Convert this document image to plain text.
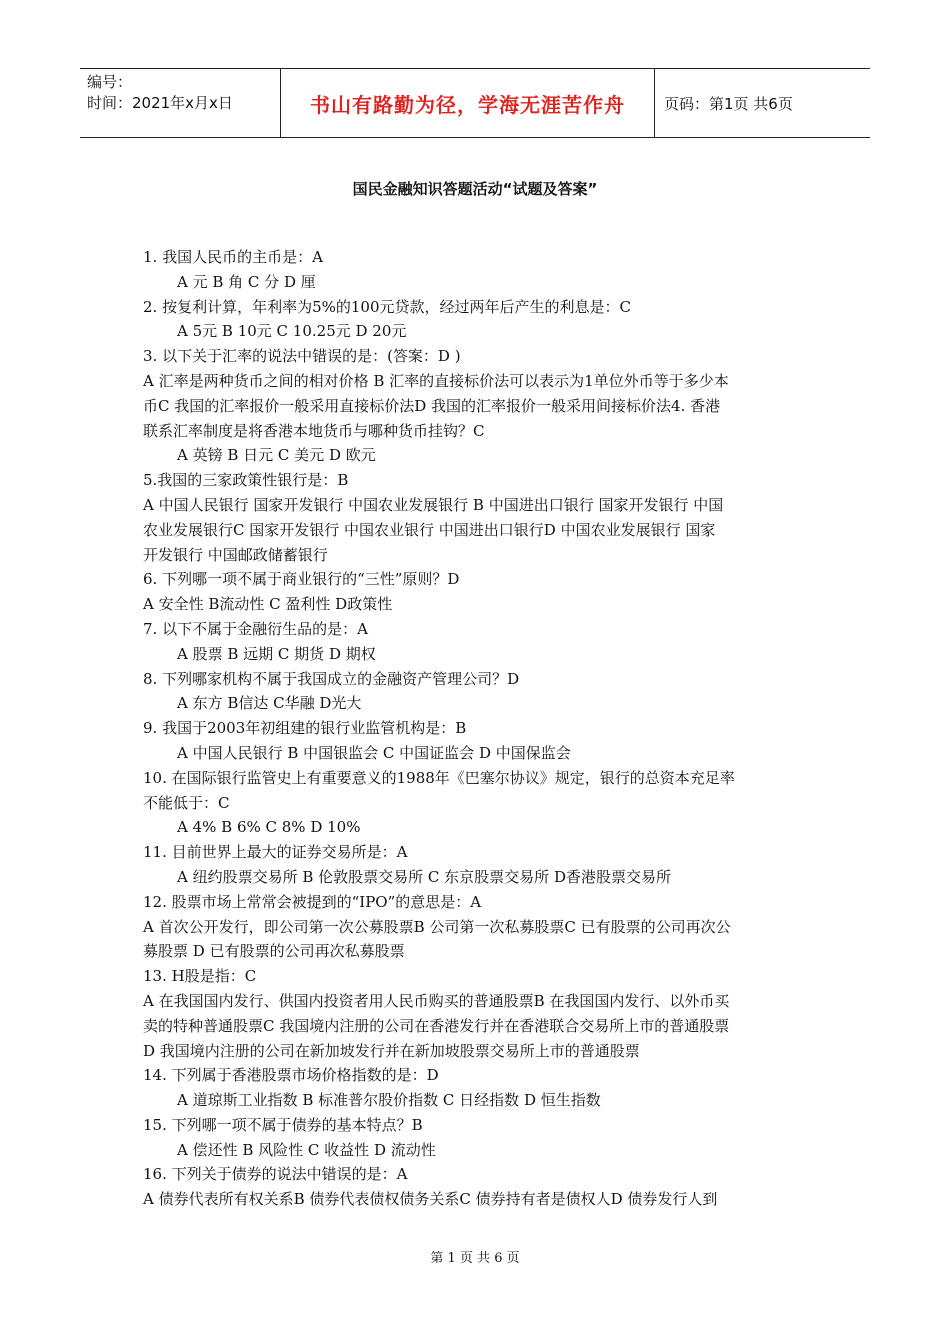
编号：
时间：2021年x月x日	书山有路勤为径，学海无涯苦作舟	页码：第1页 共6页
国民金融知识答题活动“试题及答案”
1. 我国人民币的主币是：A
A 元 B 角 C 分 D 厘
2. 按复利计算，年利率为5%的100元贷款，经过两年后产生的利息是：C
A 5元 B 10元 C 10.25元 D 20元
3. 以下关于汇率的说法中错误的是：(答案：D )
A 汇率是两种货币之间的相对价格 B 汇率的直接标价法可以表示为1单位外币等于多少本
币C 我国的汇率报价一般采用直接标价法D 我国的汇率报价一般采用间接标价法4. 香港
联系汇率制度是将香港本地货币与哪种货币挂钩？C
A 英镑 B 日元 C 美元 D 欧元
5.我国的三家政策性银行是：B
A 中国人民银行 国家开发银行 中国农业发展银行 B 中国进出口银行 国家开发银行 中国
农业发展银行C 国家开发银行 中国农业银行 中国进出口银行D 中国农业发展银行 国家
开发银行 中国邮政储蓄银行
6. 下列哪一项不属于商业银行的“三性”原则？D
A 安全性 B流动性 C 盈利性 D政策性
7. 以下不属于金融衍生品的是：A
A 股票 B 远期 C 期货 D 期权
8. 下列哪家机构不属于我国成立的金融资产管理公司？D
A 东方 B信达 C华融 D光大
9. 我国于2003年初组建的银行业监管机构是：B
A 中国人民银行 B 中国银监会 C 中国证监会 D 中国保监会
10. 在国际银行监管史上有重要意义的1988年《巴塞尔协议》规定，银行的总资本充足率
不能低于：C
A 4% B 6% C 8% D 10%
11. 目前世界上最大的证券交易所是：A
A 纽约股票交易所 B 伦敦股票交易所 C 东京股票交易所 D香港股票交易所
12. 股票市场上常常会被提到的“IPO”的意思是：A
A 首次公开发行，即公司第一次公募股票B 公司第一次私募股票C 已有股票的公司再次公
募股票 D 已有股票的公司再次私募股票
13. H股是指：C
A 在我国国内发行、供国内投资者用人民币购买的普通股票B 在我国国内发行、以外币买
卖的特种普通股票C 我国境内注册的公司在香港发行并在香港联合交易所上市的普通股票
D 我国境内注册的公司在新加坡发行并在新加坡股票交易所上市的普通股票
14. 下列属于香港股票市场价格指数的是：D
A 道琼斯工业指数 B 标准普尔股价指数 C 日经指数 D 恒生指数
15. 下列哪一项不属于债券的基本特点？B
A 偿还性 B 风险性 C 收益性 D 流动性
16. 下列关于债券的说法中错误的是：A
A 债券代表所有权关系B 债券代表债权债务关系C 债券持有者是债权人D 债券发行人到
第 1 页 共 6 页
